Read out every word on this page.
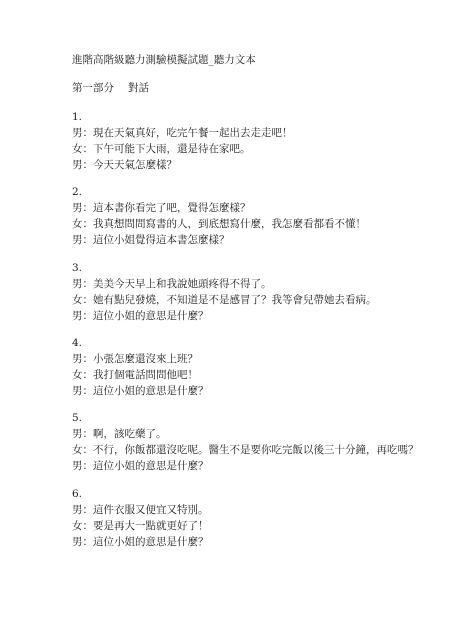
進階高階級聽力測驗模擬試題_聽力文本
第一部分 對話
1.
男：現在天氣真好，吃完午餐一起出去走走吧！
女：下午可能下大雨，還是待在家吧。
男：今天天氣怎麼樣？
2.
男：這本書你看完了吧，覺得怎麼樣？
女：我真想問問寫書的人，到底想寫什麼，我怎麼看都看不懂！
男：這位小姐覺得這本書怎麼樣？
3.
男：美美今天早上和我說她頭疼得不得了。
女：她有點兒發燒，不知道是不是感冒了？我等會兒帶她去看病。
男：這位小姐的意思是什麼？
4.
男：小張怎麼還沒來上班？
女：我打個電話問問他吧！
男：這位小姐的意思是什麼？
5.
男：啊，該吃藥了。
女：不行，你飯都還沒吃呢。醫生不是要你吃完飯以後三十分鐘，再吃嗎？
男：這位小姐的意思是什麼？
6.
男：這件衣服又便宜又特別。
女：要是再大一點就更好了！
男：這位小姐的意思是什麼？
